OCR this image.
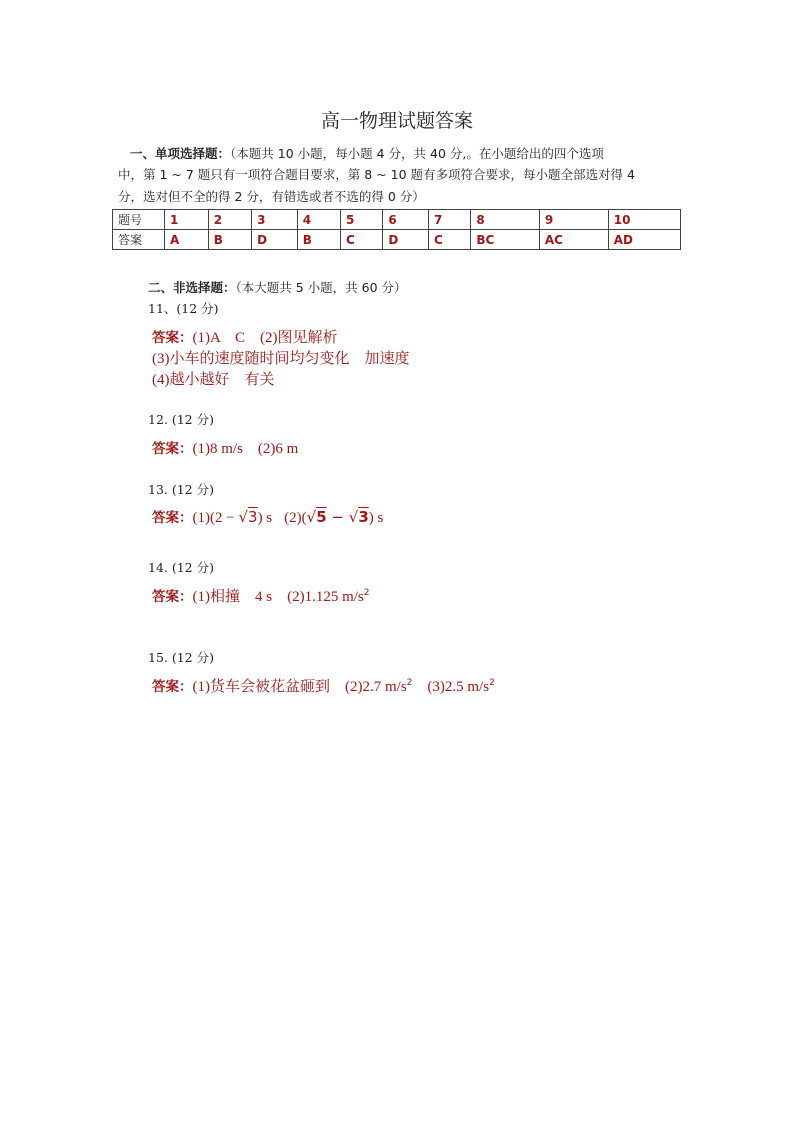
高一物理试题答案
一、单项选择题：（本题共 10 小题，每小题 4 分，共 40 分,。在小题给出的四个选项
中，第 1 ~ 7 题只有一项符合题目要求，第 8 ~ 10 题有多项符合要求，每小题全部选对得 4
分，选对但不全的得 2 分，有错选或者不选的得 0 分）
题号	1	2	3	4	5	6	7	8	9	10
答案	A	B	D	B	C	D	C	BC	AC	AD
二、非选择题：（本大题共 5 小题，共 60 分）
11、(12 分)
答案：(1)A　C　(2)图见解析
(3)小车的速度随时间均匀变化　加速度
(4)越小越好　有关
12. (12 分)
答案：(1)8 m/s　(2)6 m
13. (12 分)
答案：(1)(2 − √3) s (2)(√5 − √3) s
14. (12 分)
答案：(1)相撞　4 s　(2)1.125 $m/s^2$
15. (12 分)
答案：(1)货车会被花盆砸到　(2)2.7 $m/s^2$　(3)2.5 $m/s^2$
